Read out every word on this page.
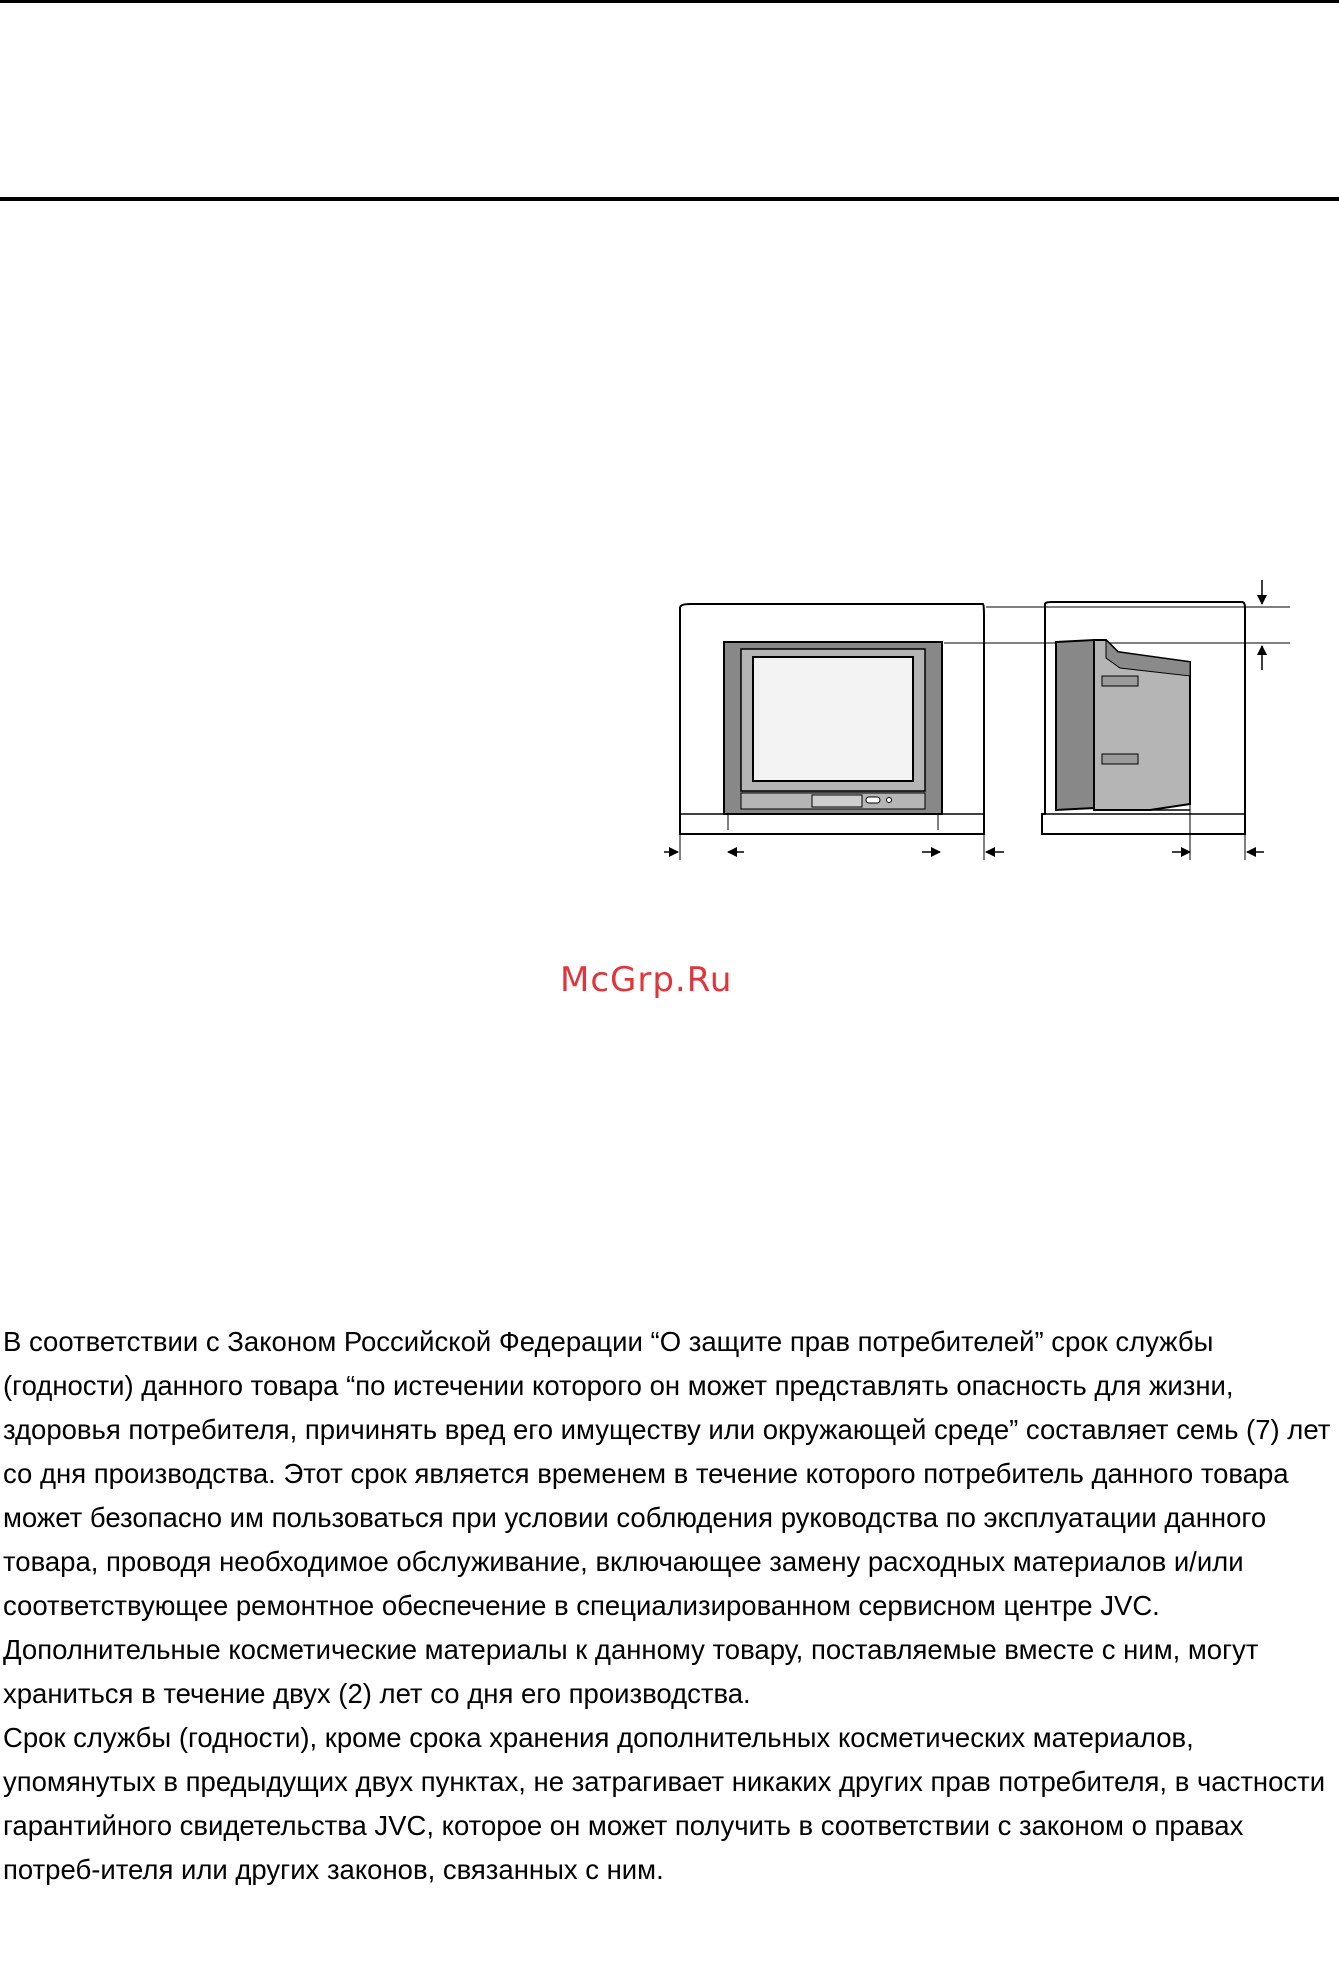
McGrp.Ru

В соответствии с Законом Российской Федерации “О защите прав потребителей” срок службы (годности) данного товара “по истечении которого он может представлять опасность для жизни, здоровья потребителя, причинять вред его имуществу или окружающей среде” составляет семь (7) лет со дня производства. Этот срок является временем в течение которого потребитель данного товара может безопасно им пользоваться при условии соблюдения руководства по эксплуатации данного товара, проводя необходимое обслуживание, включающее замену расходных материалов и/или соответствующее ремонтное обеспечение в специализированном сервисном центре JVC. Дополнительные косметические материалы к данному товару, поставляемые вместе с ним, могут храниться в течение двух (2) лет со дня его производства.

Срок службы (годности), кроме срока хранения дополнительных косметических материалов, упомянутых в предыдущих двух пунктах, не затрагивает никаких других прав потребителя, в частности гарантийного свидетельства JVC, которое он может получить в соответствии с законом о правах потреб-ителя или других законов, связанных с ним.
